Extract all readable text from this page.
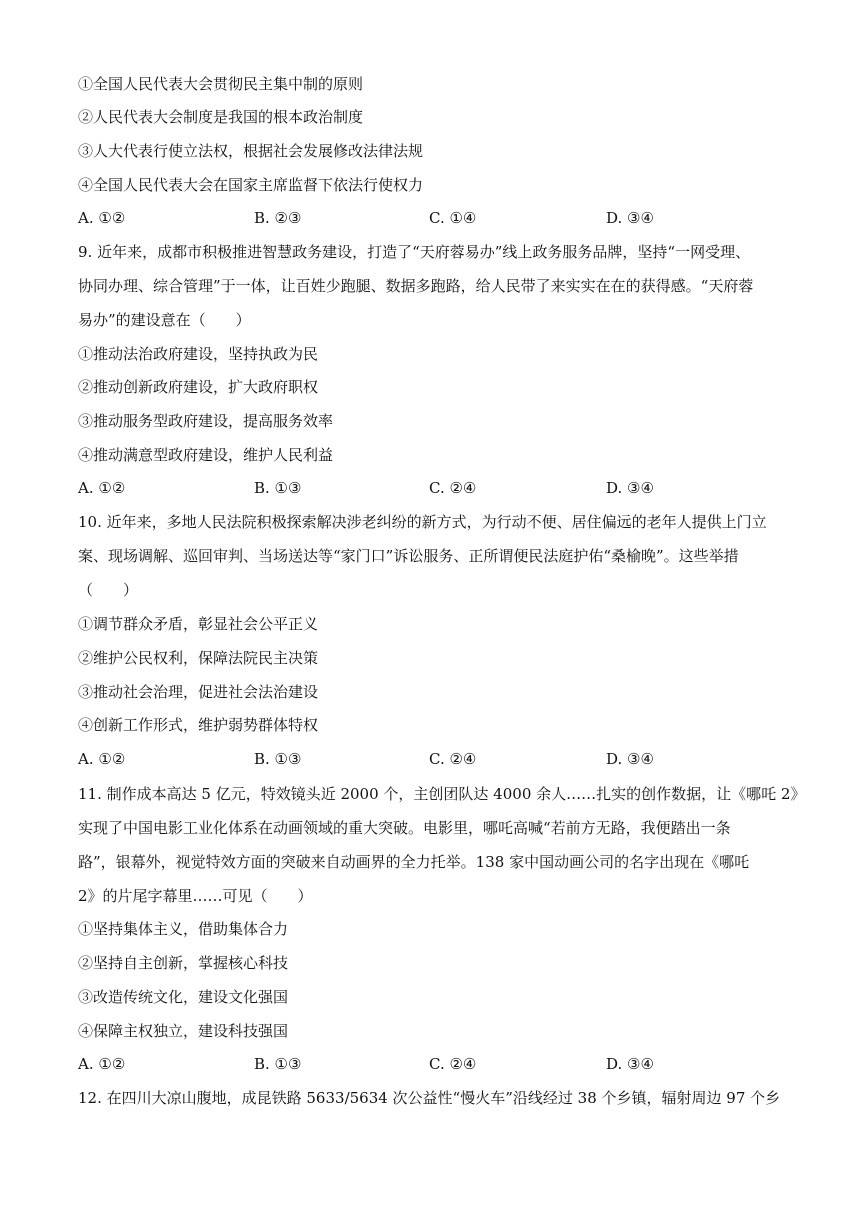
①全国人民代表大会贯彻民主集中制的原则
②人民代表大会制度是我国的根本政治制度
③人大代表行使立法权，根据社会发展修改法律法规
④全国人民代表大会在国家主席监督下依法行使权力
A. ①②	B. ②③	C. ①④	D. ③④
9. 近年来，成都市积极推进智慧政务建设，打造了“天府蓉易办”线上政务服务品牌，坚持“一网受理、
协同办理、综合管理”于一体，让百姓少跑腿、数据多跑路，给人民带了来实实在在的获得感。“天府蓉
易办”的建设意在（　　）
①推动法治政府建设，坚持执政为民
②推动创新政府建设，扩大政府职权
③推动服务型政府建设，提高服务效率
④推动满意型政府建设，维护人民利益
A. ①②	B. ①③	C. ②④	D. ③④
10. 近年来，多地人民法院积极探索解决涉老纠纷的新方式，为行动不便、居住偏远的老年人提供上门立
案、现场调解、巡回审判、当场送达等“家门口”诉讼服务、正所谓便民法庭护佑“桑榆晚”。这些举措
（　　）
①调节群众矛盾，彰显社会公平正义
②维护公民权利，保障法院民主决策
③推动社会治理，促进社会法治建设
④创新工作形式，维护弱势群体特权
A. ①②	B. ①③	C. ②④	D. ③④
11. 制作成本高达 5 亿元，特效镜头近 2000 个，主创团队达 4000 余人……扎实的创作数据，让《哪吒 2》
实现了中国电影工业化体系在动画领域的重大突破。电影里，哪吒高喊“若前方无路，我便踏出一条
路”，银幕外，视觉特效方面的突破来自动画界的全力托举。138 家中国动画公司的名字出现在《哪吒
2》的片尾字幕里……可见（　　）
①坚持集体主义，借助集体合力
②坚持自主创新，掌握核心科技
③改造传统文化，建设文化强国
④保障主权独立，建设科技强国
A. ①②	B. ①③	C. ②④	D. ③④
12. 在四川大凉山腹地，成昆铁路 5633/5634 次公益性“慢火车”沿线经过 38 个乡镇，辐射周边 97 个乡
